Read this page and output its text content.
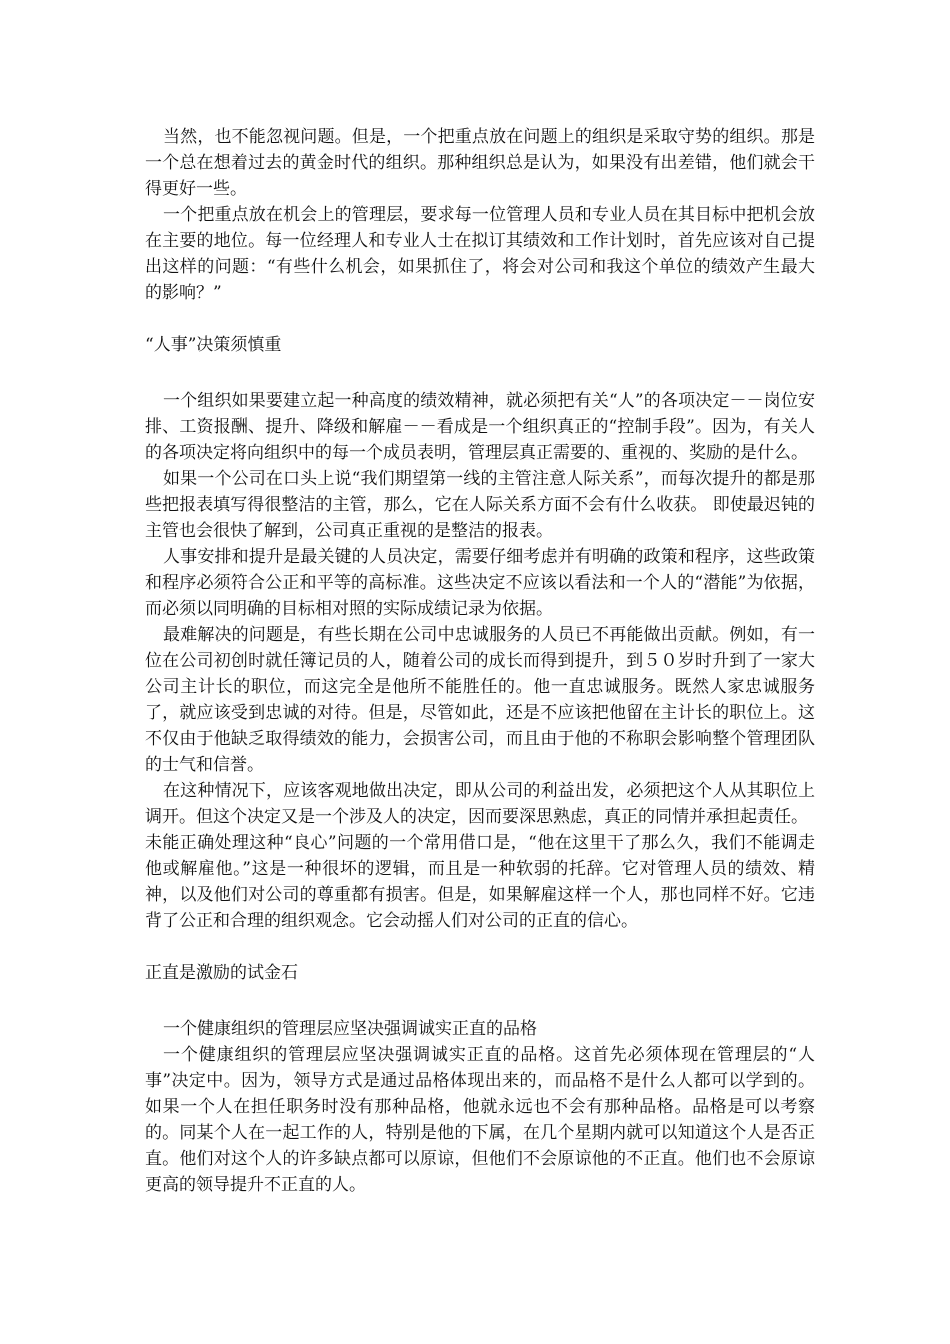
当然，也不能忽视问题。但是，一个把重点放在问题上的组织是采取守势的组织。那是一个总在想着过去的黄金时代的组织。那种组织总是认为，如果没有出差错，他们就会干得更好一些。

一个把重点放在机会上的管理层，要求每一位管理人员和专业人员在其目标中把机会放在主要的地位。每一位经理人和专业人士在拟订其绩效和工作计划时，首先应该对自己提出这样的问题：“有些什么机会，如果抓住了，将会对公司和我这个单位的绩效产生最大的影响？”

“人事”决策须慎重

一个组织如果要建立起一种高度的绩效精神，就必须把有关“人”的各项决定－－岗位安排、工资报酬、提升、降级和解雇－－看成是一个组织真正的“控制手段”。因为，有关人的各项决定将向组织中的每一个成员表明，管理层真正需要的、重视的、奖励的是什么。

如果一个公司在口头上说“我们期望第一线的主管注意人际关系”，而每次提升的都是那些把报表填写得很整洁的主管，那么，它在人际关系方面不会有什么收获。 即使最迟钝的主管也会很快了解到，公司真正重视的是整洁的报表。

人事安排和提升是最关键的人员决定，需要仔细考虑并有明确的政策和程序，这些政策和程序必须符合公正和平等的高标准。这些决定不应该以看法和一个人的“潜能”为依据，而必须以同明确的目标相对照的实际成绩记录为依据。

最难解决的问题是，有些长期在公司中忠诚服务的人员已不再能做出贡献。例如，有一位在公司初创时就任簿记员的人，随着公司的成长而得到提升，到５０岁时升到了一家大公司主计长的职位，而这完全是他所不能胜任的。他一直忠诚服务。既然人家忠诚服务了，就应该受到忠诚的对待。但是，尽管如此，还是不应该把他留在主计长的职位上。这不仅由于他缺乏取得绩效的能力，会损害公司，而且由于他的不称职会影响整个管理团队的士气和信誉。

在这种情况下，应该客观地做出决定，即从公司的利益出发，必须把这个人从其职位上调开。但这个决定又是一个涉及人的决定，因而要深思熟虑，真正的同情并承担起责任。

未能正确处理这种“良心”问题的一个常用借口是，“他在这里干了那么久，我们不能调走他或解雇他。”这是一种很坏的逻辑，而且是一种软弱的托辞。它对管理人员的绩效、精神，以及他们对公司的尊重都有损害。但是，如果解雇这样一个人，那也同样不好。它违背了公正和合理的组织观念。它会动摇人们对公司的正直的信心。

正直是激励的试金石

一个健康组织的管理层应坚决强调诚实正直的品格

一个健康组织的管理层应坚决强调诚实正直的品格。这首先必须体现在管理层的“人事”决定中。因为，领导方式是通过品格体现出来的，而品格不是什么人都可以学到的。如果一个人在担任职务时没有那种品格，他就永远也不会有那种品格。品格是可以考察的。同某个人在一起工作的人，特别是他的下属，在几个星期内就可以知道这个人是否正直。他们对这个人的许多缺点都可以原谅，但他们不会原谅他的不正直。他们也不会原谅更高的领导提升不正直的人。
